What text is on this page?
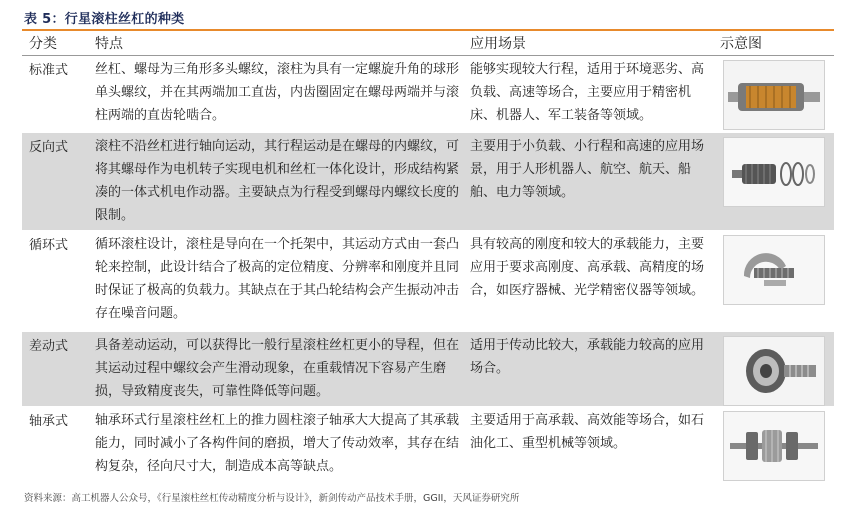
表 5：行星滚柱丝杠的种类
分类	特点	应用场景	示意图
标准式	丝杠、螺母为三角形多头螺纹，滚柱为具有一定螺旋升角的球形单头螺纹，并在其两端加工直齿，内齿圈固定在螺母两端并与滚柱两端的直齿轮啮合。	能够实现较大行程，适用于环境恶劣、高负载、高速等场合，主要应用于精密机床、机器人、军工装备等领域。	

反向式	滚柱不沿丝杠进行轴向运动，其行程运动是在螺母的内螺纹，可将其螺母作为电机转子实现电机和丝杠一体化设计，形成结构紧凑的一体式机电作动器。主要缺点为行程受到螺母内螺纹长度的限制。	主要用于小负载、小行程和高速的应用场景，用于人形机器人、航空、航天、船舶、电力等领域。	

循环式	循环滚柱设计，滚柱是导向在一个托架中，其运动方式由一套凸轮来控制，此设计结合了极高的定位精度、分辨率和刚度并且同时保证了极高的负载力。其缺点在于其凸轮结构会产生振动冲击存在噪音问题。	具有较高的刚度和较大的承载能力，主要应用于要求高刚度、高承载、高精度的场合，如医疗器械、光学精密仪器等领域。	

差动式	具备差动运动，可以获得比一般行星滚柱丝杠更小的导程，但在其运动过程中螺纹会产生滑动现象，在重载情况下容易产生磨损，导致精度丧失，可靠性降低等问题。	适用于传动比较大，承载能力较高的应用场合。	

轴承式	轴承环式行星滚柱丝杠上的推力圆柱滚子轴承大大提高了其承载能力，同时减小了各构件间的磨损，增大了传动效率，其存在结构复杂，径向尺寸大，制造成本高等缺点。	主要适用于高承载、高效能等场合，如石油化工、重型机械等领域。	
资料来源：高工机器人公众号，《行星滚柱丝杠传动精度分析与设计》，新剑传动产品技术手册，GGII，天风证券研究所
